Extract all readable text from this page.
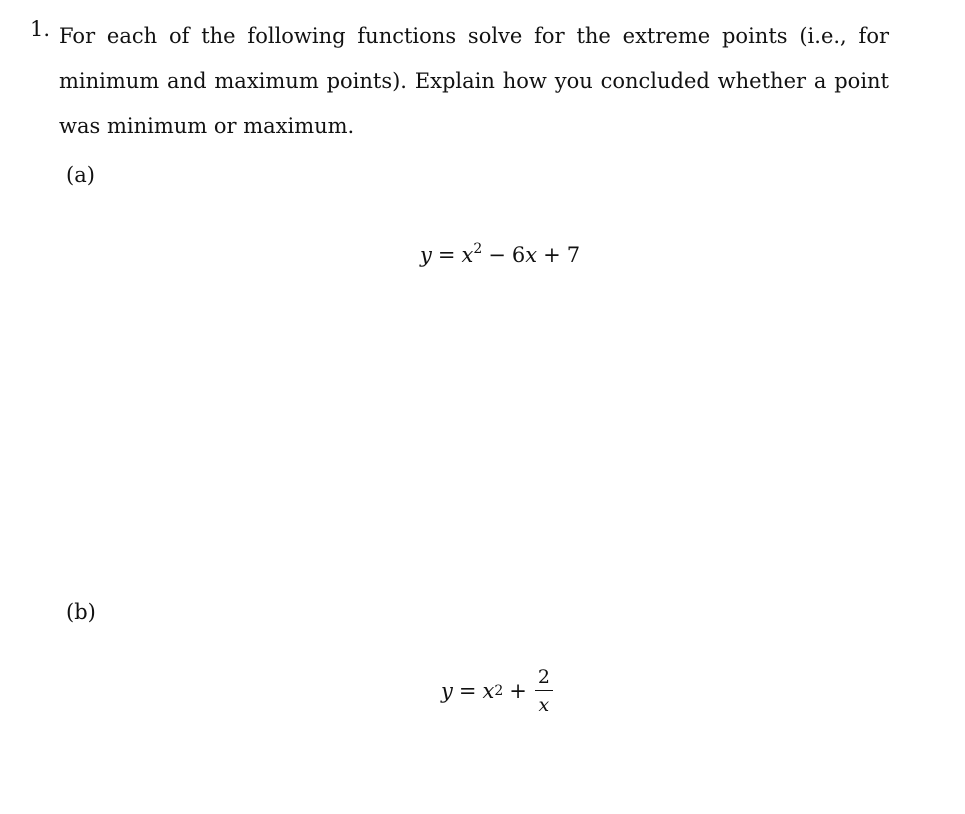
1. For each of the following functions solve for the extreme points (i.e., for minimum and maximum points). Explain how you concluded whether a point was minimum or maximum.
(a)
$y = x^2 - 6x + 7$
(b)
y = x $2 + \frac{2}{x}$
